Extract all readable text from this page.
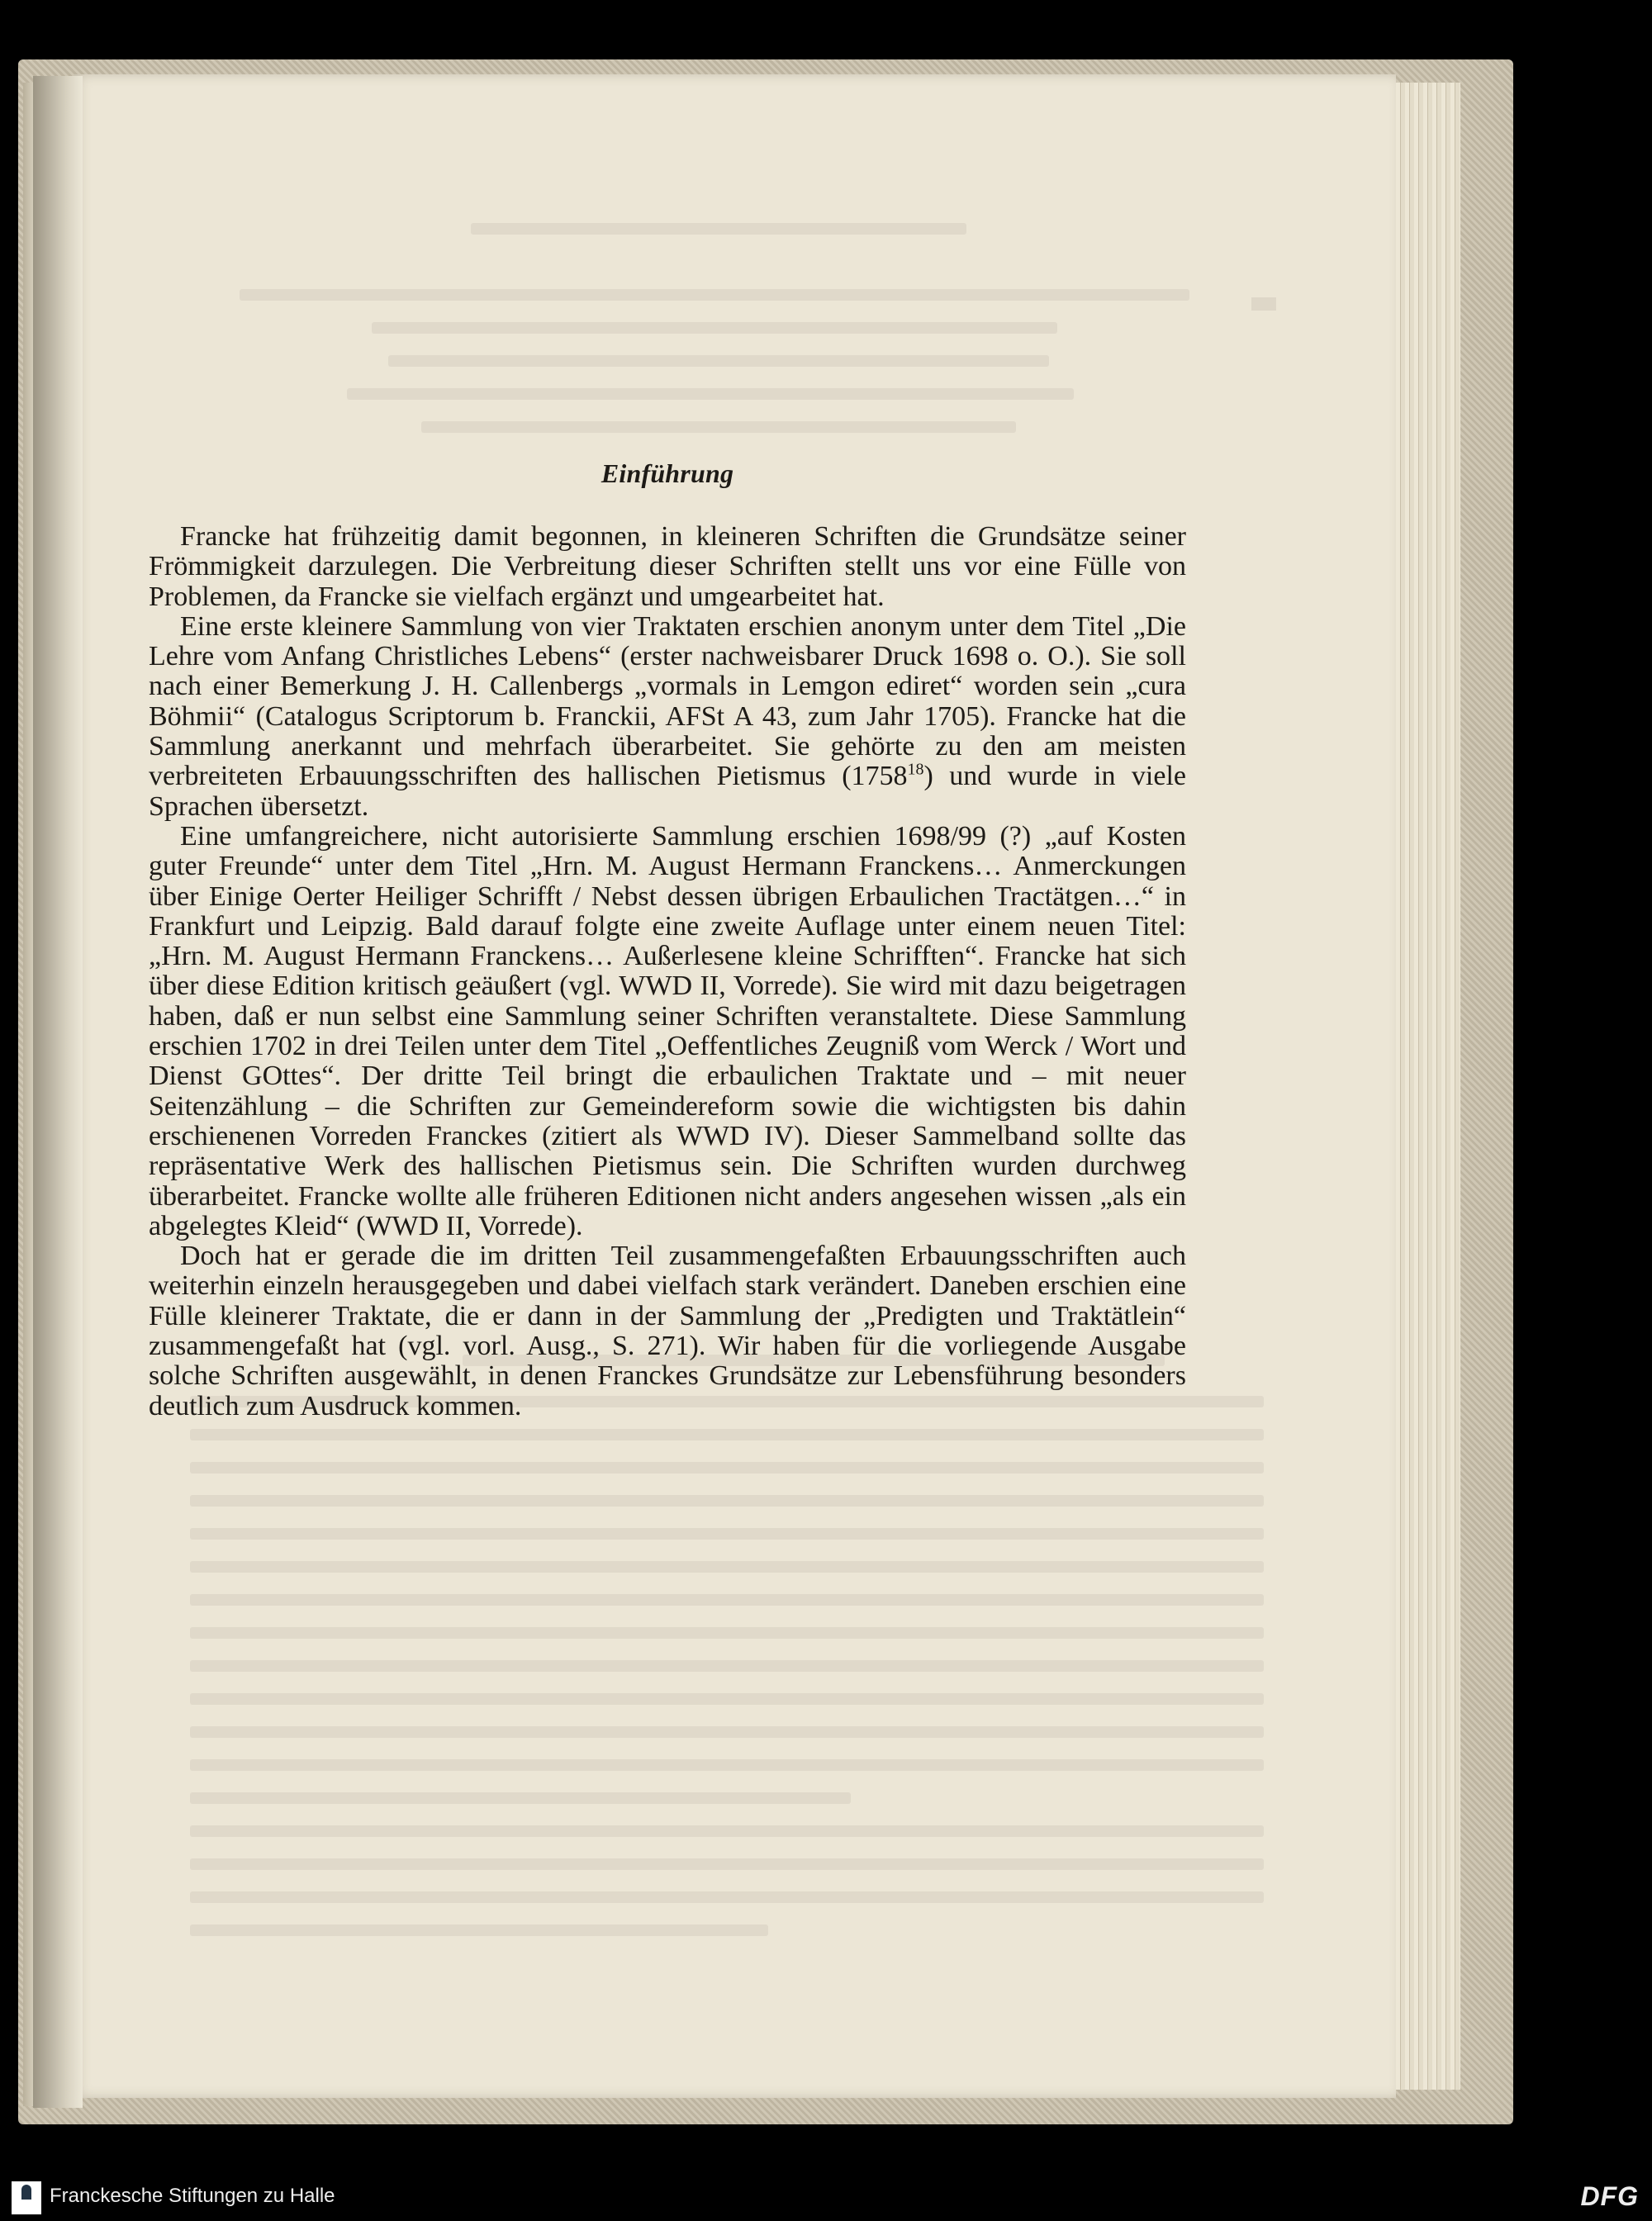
Einführung

Francke hat frühzeitig damit begonnen, in kleineren Schriften die Grundsätze seiner Frömmigkeit darzulegen. Die Verbreitung dieser Schriften stellt uns vor eine Fülle von Problemen, da Francke sie vielfach ergänzt und umgearbeitet hat.

Eine erste kleinere Sammlung von vier Traktaten erschien anonym unter dem Titel „Die Lehre vom Anfang Christliches Lebens“ (erster nachweisbarer Druck 1698 o. O.). Sie soll nach einer Bemerkung J. H. Callenbergs „vormals in Lemgon ediret“ worden sein „cura Böhmii“ (Catalogus Scriptorum b. Franckii, AFSt A 43, zum Jahr 1705). Francke hat die Sammlung anerkannt und mehrfach überarbeitet. Sie gehörte zu den am meisten verbreiteten Erbauungsschriften des hallischen Pietismus (1758$^{18}$) und wurde in viele Sprachen übersetzt.

Eine umfangreichere, nicht autorisierte Sammlung erschien 1698/99 (?) „auf Kosten guter Freunde“ unter dem Titel „Hrn. M. August Hermann Franckens… Anmerckungen über Einige Oerter Heiliger Schrifft / Nebst dessen übrigen Erbaulichen Tractätgen…“ in Frankfurt und Leipzig. Bald darauf folgte eine zweite Auflage unter einem neuen Titel: „Hrn. M. August Hermann Franckens… Außerlesene kleine Schrifften“. Francke hat sich über diese Edition kritisch geäußert (vgl. WWD II, Vorrede). Sie wird mit dazu beigetragen haben, daß er nun selbst eine Sammlung seiner Schriften veranstaltete. Diese Sammlung erschien 1702 in drei Teilen unter dem Titel „Oeffentliches Zeugniß vom Werck / Wort und Dienst GOttes“. Der dritte Teil bringt die erbaulichen Traktate und – mit neuer Seitenzählung – die Schriften zur Gemeindereform sowie die wichtigsten bis dahin erschienenen Vorreden Franckes (zitiert als WWD IV). Dieser Sammelband sollte das repräsentative Werk des hallischen Pietismus sein. Die Schriften wurden durchweg überarbeitet. Francke wollte alle früheren Editionen nicht anders angesehen wissen „als ein abgelegtes Kleid“ (WWD II, Vorrede).

Doch hat er gerade die im dritten Teil zusammengefaßten Erbauungsschriften auch weiterhin einzeln herausgegeben und dabei vielfach stark verändert. Daneben erschien eine Fülle kleinerer Traktate, die er dann in der Sammlung der „Predigten und Traktätlein“ zusammengefaßt hat (vgl. vorl. Ausg., S. 271). Wir haben für die vorliegende Ausgabe solche Schriften ausgewählt, in denen Franckes Grundsätze zur Lebensführung besonders deutlich zum Ausdruck kommen.

Franckesche Stiftungen zu Halle	DFG
